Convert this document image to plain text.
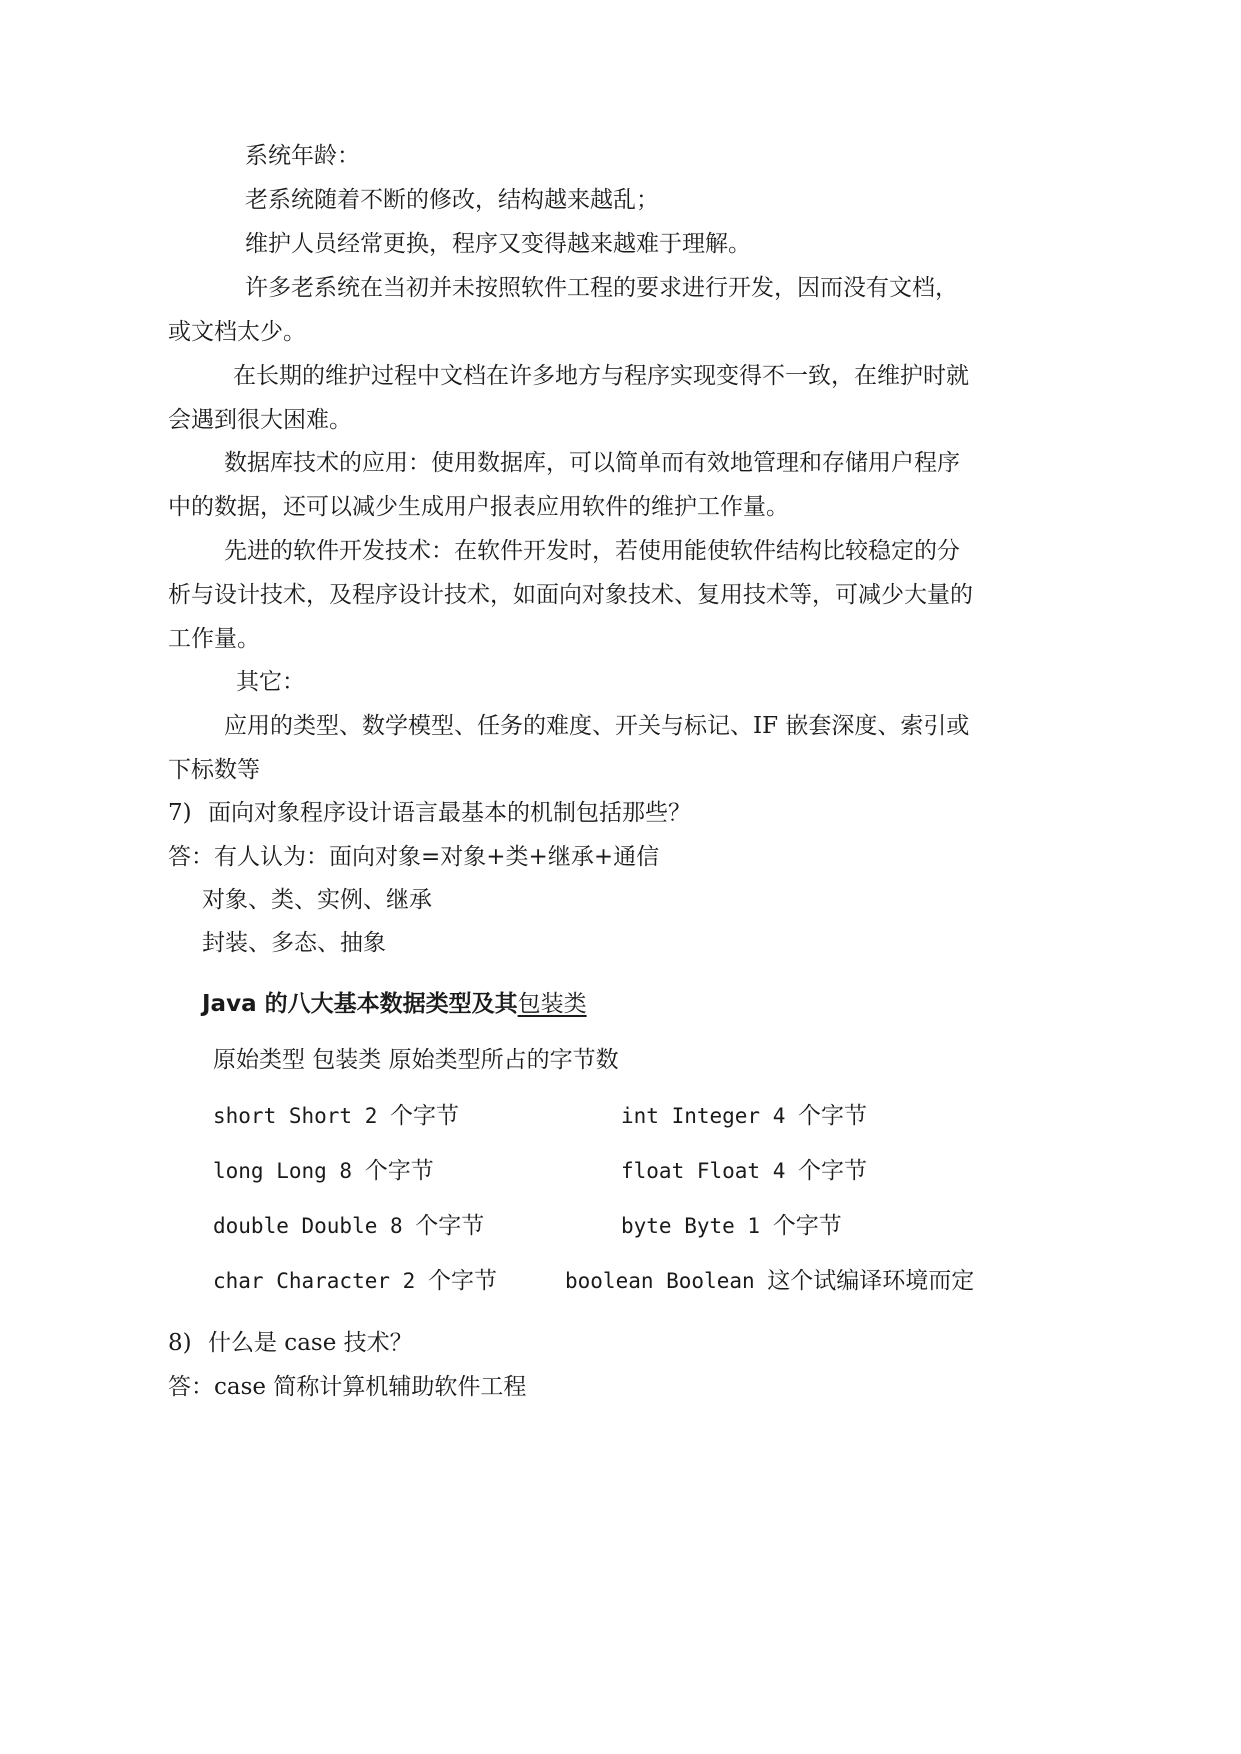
系统年龄：
老系统随着不断的修改，结构越来越乱；
维护人员经常更换，程序又变得越来越难于理解。
许多老系统在当初并未按照软件工程的要求进行开发，因而没有文档，
或文档太少。
在长期的维护过程中文档在许多地方与程序实现变得不一致，在维护时就
会遇到很大困难。
数据库技术的应用：使用数据库，可以简单而有效地管理和存储用户程序
中的数据，还可以减少生成用户报表应用软件的维护工作量。
先进的软件开发技术：在软件开发时，若使用能使软件结构比较稳定的分
析与设计技术，及程序设计技术，如面向对象技术、复用技术等，可减少大量的
工作量。
其它：
应用的类型、数学模型、任务的难度、开关与标记、IF 嵌套深度、索引或
下标数等
7) 面向对象程序设计语言最基本的机制包括那些？
答：有人认为：面向对象=对象+类+继承+通信
对象、类、实例、继承
封装、多态、抽象
Java 的八大基本数据类型及其包装类
原始类型 包装类 原始类型所占的字节数
short Short 2 个字节	int Integer 4 个字节
long Long 8 个字节	float Float 4 个字节
double Double 8 个字节	byte Byte 1 个字节
char Character 2 个字节	boolean Boolean 这个试编译环境而定
8) 什么是 case 技术？
答：case 简称计算机辅助软件工程
